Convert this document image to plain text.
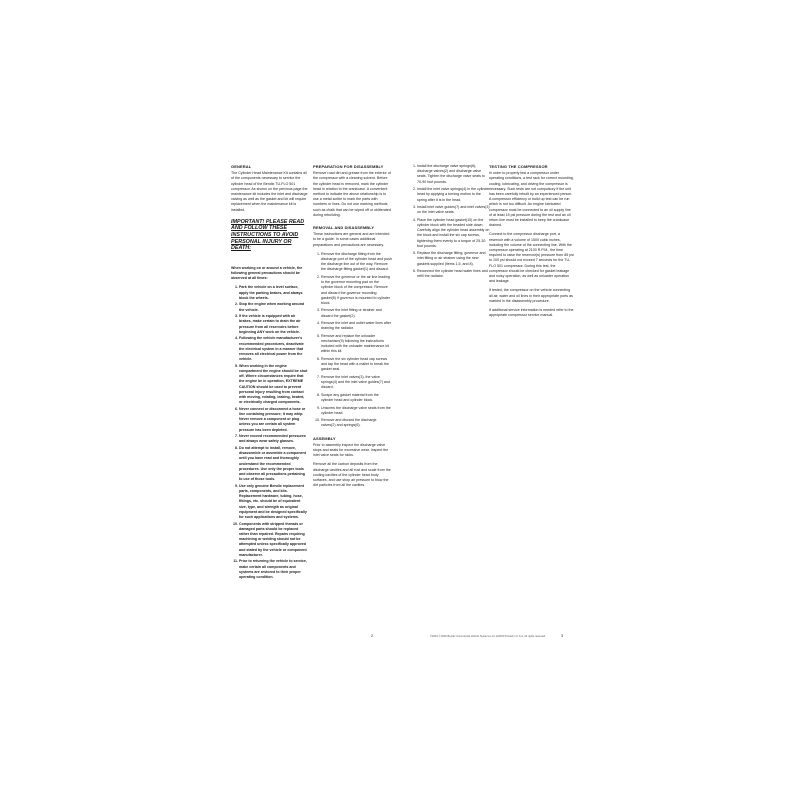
GENERAL

The Cylinder Head Maintenance Kit contains all of the components necessary to service the cylinder head of the Bendix TU-FLO 501 compressor. As shown on the previous page the maintenance kit includes the inlet and discharge valving as well as the gasket and kit will require replacement when the maintenance kit is installed.

IMPORTANT! PLEASE READ AND FOLLOW THESE INSTRUCTIONS TO AVOID PERSONAL INJURY OR DEATH:

When working on or around a vehicle, the following general precautions should be observed at all times:

1. Park the vehicle on a level surface, apply the parking brakes, and always block the wheels.
2. Stop the engine when working around the vehicle.
3. If the vehicle is equipped with air brakes, make certain to drain the air pressure from all reservoirs before beginning ANY work on the vehicle.
4. Following the vehicle manufacturer's recommended procedures, deactivate the electrical system in a manner that removes all electrical power from the vehicle.
5. When working in the engine compartment the engine should be shut off. Where circumstances require that the engine be in operation, EXTREME CAUTION should be used to prevent personal injury resulting from contact with moving, rotating, leaking, heated, or electrically charged components.
6. Never connect or disconnect a hose or line containing pressure; it may whip. Never remove a component or plug unless you are certain all system pressure has been depleted.
7. Never exceed recommended pressures and always wear safety glasses.
8. Do not attempt to install, remove, disassemble or assemble a component until you have read and thoroughly understand the recommended procedures. Use only the proper tools and observe all precautions pertaining to use of those tools.
9. Use only genuine Bendix replacement parts, components, and kits. Replacement hardware, tubing, hose, fittings, etc. should be of equivalent size, type, and strength as original equipment and be designed specifically for such applications and systems.
10. Components with stripped threads or damaged parts should be replaced rather than repaired. Repairs requiring machining or welding should not be attempted unless specifically approved and stated by the vehicle or component manufacturer.
11. Prior to returning the vehicle to service, make certain all components and systems are restored to their proper operating condition.
PREPARATION FOR DISASSEMBLY

Remove road dirt and grease from the exterior of the compressor with a cleaning solvent. Before the cylinder head is removed, mark the cylinder head in relation to the crankcase. A convenient method to indicate the above relationship is to use a metal scribe to mark the parts with numbers or lines. Do not use marking methods such as chalk that can be wiped off or obliterated during rebuilding.

REMOVAL AND DISASSEMBLY

These instructions are general and are intended to be a guide. In some cases additional preparations and precautions are necessary.

1. Remove the discharge fitting from the discharge port of the cylinder head and push the discharge line out of the way. Remove the discharge fitting gasket(1) and discard.
2. Remove the governor or the air line leading to the governor mounting pad on the cylinder block of the compressor. Remove and discard the governor mounting gasket(5) if governor is mounted to cylinder block.
3. Remove the inlet fitting or strainer and discard the gasket(2).
4. Remove the inlet and outlet water lines after draining the radiator.
5. Remove and replace the unloader mechanism(9) following the instructions included with the unloader maintenance kit within this kit.
6. Remove the six cylinder head cap screws and tap the head with a mallet to break the gasket seal.
7. Remove the inlet valves(3), the valve springs(4) and the inlet valve guides(7) and discard.
8. Scrape any gasket material from the cylinder head and cylinder block.
9. Unscrew the discharge valve seats from the cylinder head.
10. Remove and discard the discharge valves(2) and springs(6).
ASSEMBLY

Prior to assembly inspect the discharge valve stops and seats for excessive wear. Inspect the inlet valve seats for nicks.

Remove all the carbon deposits from the discharge cavities and all rust and scale from the cooling cavities of the cylinder head body surfaces, and use shop air pressure to blow the dirt particles from all the cavities.

1. Install the discharge valve springs(6), discharge valves(2) and discharge valve seats. Tighten the discharge valve seats to 70-90 foot pounds.
2. Install the inlet valve springs(4) in the cylinder head by applying a turning motion to the spring after it is in the head.
3. Install inlet valve guides(7) and inlet valves(3) on the inlet valve seats.
4. Place the cylinder head gasket(10) on the cylinder block with the beaded side down. Carefully align the cylinder head assembly on the block and install the six cap screws, tightening them evenly to a torque of 25-30 foot pounds.
5. Replace the discharge fitting, governor and inlet fitting or air strainer using the new gaskets supplied (items 1,5, and 8).
6. Reconnect the cylinder head water lines and refill the radiator.
TESTING THE COMPRESSOR

In order to properly test a compressor under operating conditions, a test rack for correct mounting, cooling, lubricating, and driving the compressor is necessary. Such tests are not compulsory if the unit has been carefully rebuilt by an experienced person. A compressor efficiency or build up test can be run which is not too difficult. An engine lubricated compressor must be connected to an oil supply line of at least 15 psi pressure during the test and an oil return line must be installed to keep the crankcase drained.

Connect to the compressor discharge port, a reservoir with a volume of 1500 cubic inches, including the volume of the connecting line. With the compressor operating at 2100 R.P.M., the time required to raise the reservoir(s) pressure from 85 psi to 100 psi should not exceed 7 seconds for the TU-FLO 501 compressor. During this test, the compressor should be checked for gasket leakage and noisy operation, as well as unloader operation and leakage.

If tested, the compressor on the vehicle connecting all air, water and oil lines in their appropriate ports as marked in the disassembly procedure.

If additional service information is needed refer to the appropriate compressor service manual.

2	©2004 © 2002 Bendix Commercial Vehicle Systems LLC 2/2003 Printed in U.S.A. All rights reserved.	3
